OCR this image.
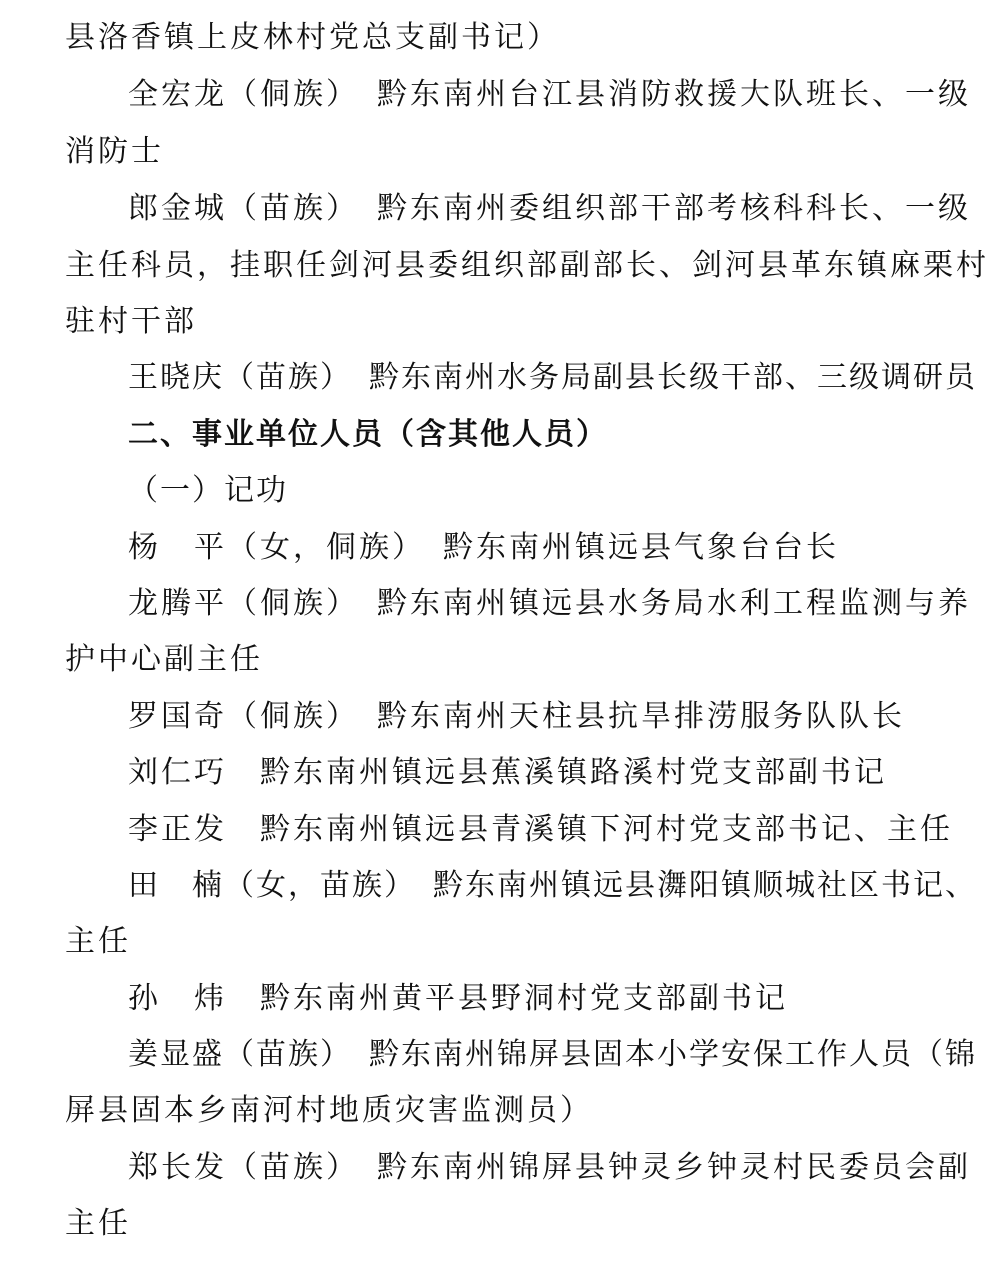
县洛香镇上皮林村党总支副书记）
全宏龙（侗族）　黔东南州台江县消防救援大队班长、一级
消防士
郎金城（苗族）　黔东南州委组织部干部考核科科长、一级
主任科员，挂职任剑河县委组织部副部长、剑河县革东镇麻栗村
驻村干部
王晓庆（苗族）　黔东南州水务局副县长级干部、三级调研员
二、事业单位人员（含其他人员）
（一）记功
杨　平（女，侗族）　黔东南州镇远县气象台台长
龙腾平（侗族）　黔东南州镇远县水务局水利工程监测与养
护中心副主任
罗国奇（侗族）　黔东南州天柱县抗旱排涝服务队队长
刘仁巧　黔东南州镇远县蕉溪镇路溪村党支部副书记
李正发　黔东南州镇远县青溪镇下河村党支部书记、主任
田　楠（女，苗族）　黔东南州镇远县㵲阳镇顺城社区书记、
主任
孙　炜　黔东南州黄平县野洞村党支部副书记
姜显盛（苗族）　黔东南州锦屏县固本小学安保工作人员（锦
屏县固本乡南河村地质灾害监测员）
郑长发（苗族）　黔东南州锦屏县钟灵乡钟灵村民委员会副
主任
